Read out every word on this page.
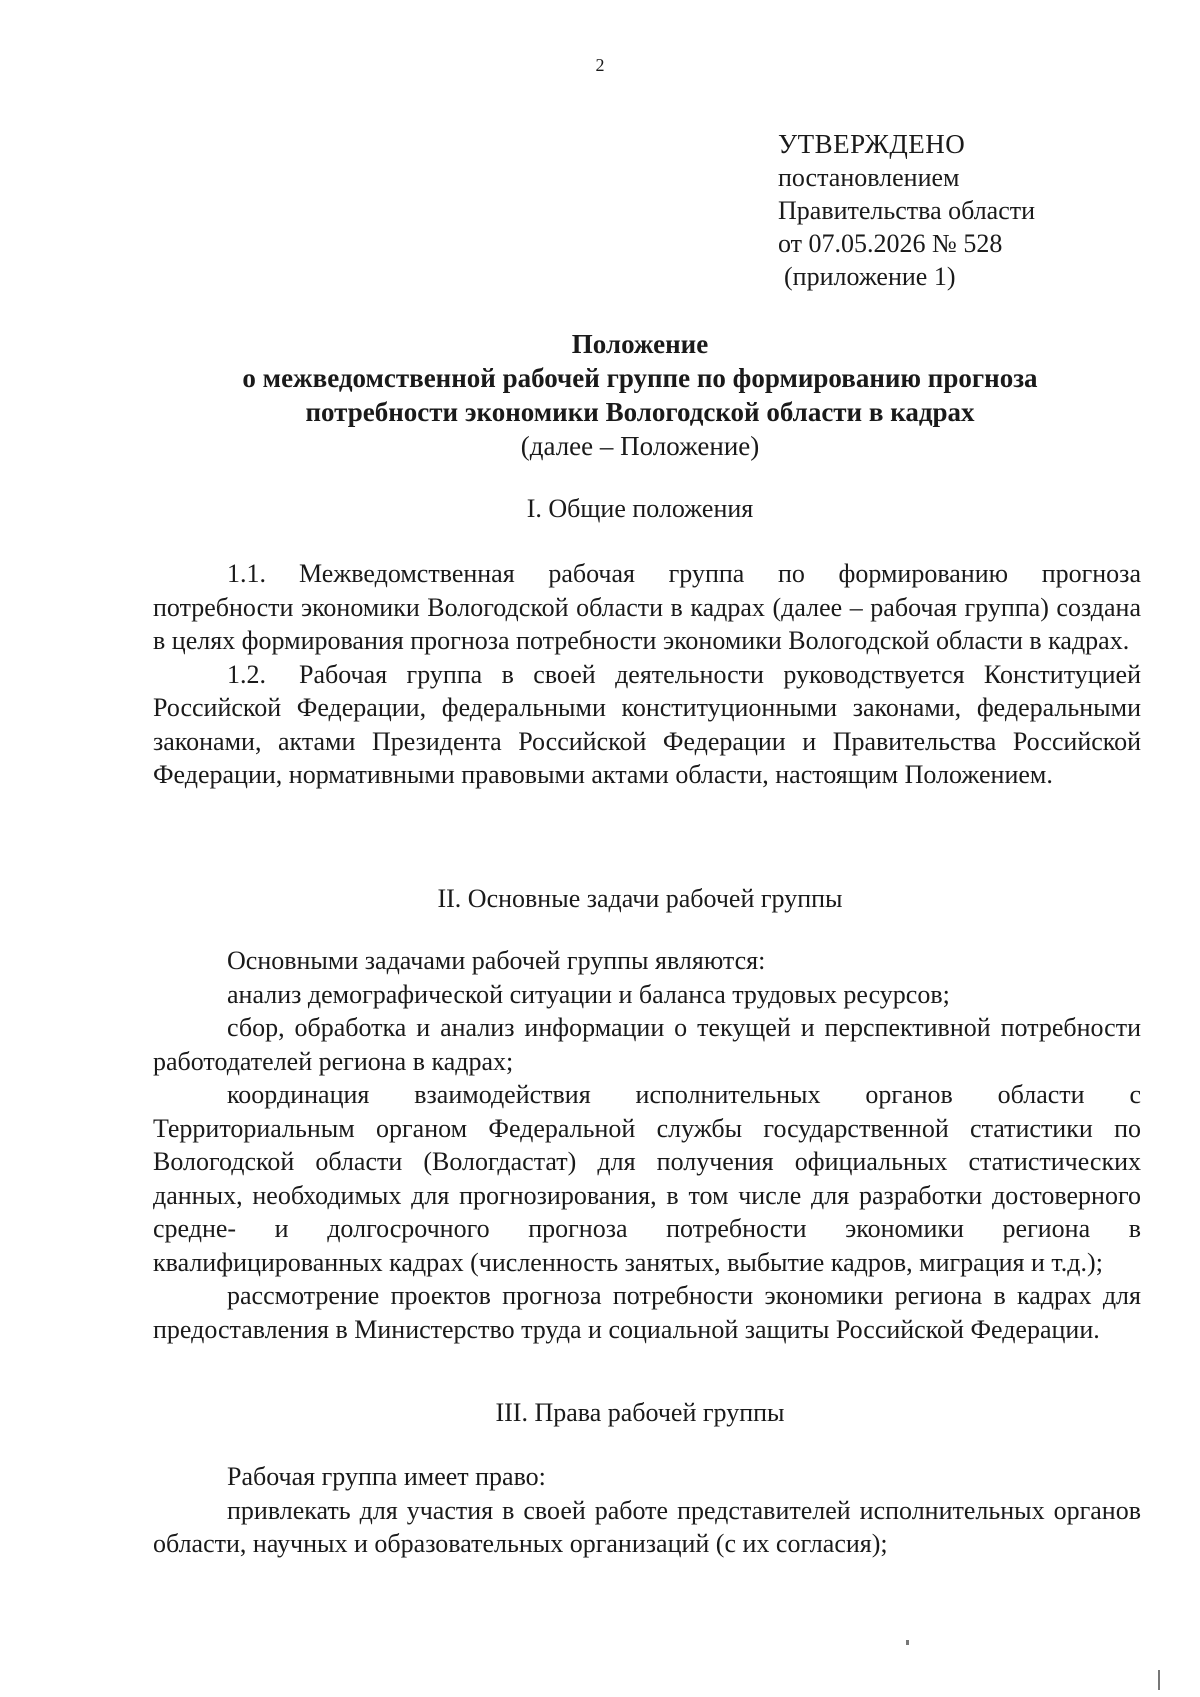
2
УТВЕРЖДЕНО
постановлением
Правительства области
от 07.05.2026 № 528
(приложение 1)
Положение
о межведомственной рабочей группе по формированию прогноза
потребности экономики Вологодской области в кадрах
(далее – Положение)
I. Общие положения

1.1. Межведомственная рабочая группа по формированию прогноза потребности экономики Вологодской области в кадрах (далее – рабочая группа) создана в целях формирования прогноза потребности экономики Вологодской области в кадрах.

1.2. Рабочая группа в своей деятельности руководствуется Конституцией Российской Федерации, федеральными конституционными законами, федеральными законами, актами Президента Российской Федерации и Правительства Российской Федерации, нормативными правовыми актами области, настоящим Положением.

II. Основные задачи рабочей группы

Основными задачами рабочей группы являются:

анализ демографической ситуации и баланса трудовых ресурсов;

сбор, обработка и анализ информации о текущей и перспективной потребности работодателей региона в кадрах;

координация взаимодействия исполнительных органов области с Территориальным органом Федеральной службы государственной статистики по Вологодской области (Вологдастат) для получения официальных статистических данных, необходимых для прогнозирования, в том числе для разработки достоверного средне- и долгосрочного прогноза потребности экономики региона в квалифицированных кадрах (численность занятых, выбытие кадров, миграция и т.д.);

рассмотрение проектов прогноза потребности экономики региона в кадрах для предоставления в Министерство труда и социальной защиты Российской Федерации.

III. Права рабочей группы

Рабочая группа имеет право:

привлекать для участия в своей работе представителей исполнительных органов области, научных и образовательных организаций (с их согласия);
